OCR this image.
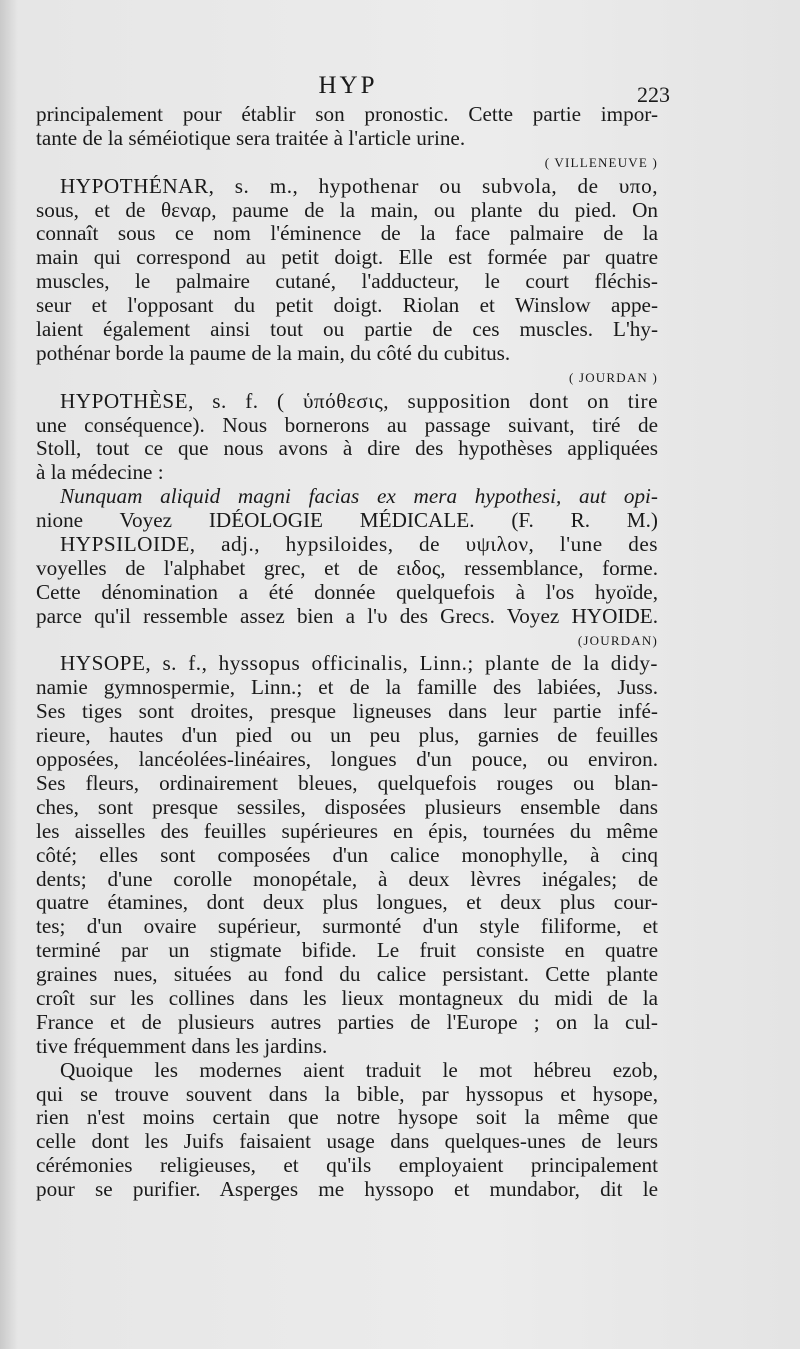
HYP	223
principalement pour établir son pronostic. Cette partie impor-
tante de la séméiotique sera traitée à l'article urine.
( VILLENEUVE )
HYPOTHÉNAR, s. m., hypothenar ou subvola, de υπο,
sous, et de θεναρ, paume de la main, ou plante du pied. On
connaît sous ce nom l'éminence de la face palmaire de la
main qui correspond au petit doigt. Elle est formée par quatre
muscles, le palmaire cutané, l'adducteur, le court fléchis-
seur et l'opposant du petit doigt. Riolan et Winslow appe-
laient également ainsi tout ou partie de ces muscles. L'hy-
pothénar borde la paume de la main, du côté du cubitus.
( JOURDAN )
HYPOTHÈSE, s. f. ( ὑπόθεσις, supposition dont on tire
une conséquence). Nous bornerons au passage suivant, tiré de
Stoll, tout ce que nous avons à dire des hypothèses appliquées
à la médecine :
Nunquam aliquid magni facias ex mera hypothesi, aut opi-
nione Voyez IDÉOLOGIE MÉDICALE. (F. R. M.)
HYPSILOIDE, adj., hypsiloides, de υψιλον, l'une des
voyelles de l'alphabet grec, et de ειδος, ressemblance, forme.
Cette dénomination a été donnée quelquefois à l'os hyoïde,
parce qu'il ressemble assez bien a l'υ des Grecs. Voyez HYOIDE.
(JOURDAN)
HYSOPE, s. f., hyssopus officinalis, Linn.; plante de la didy-
namie gymnospermie, Linn.; et de la famille des labiées, Juss.
Ses tiges sont droites, presque ligneuses dans leur partie infé-
rieure, hautes d'un pied ou un peu plus, garnies de feuilles
opposées, lancéolées-linéaires, longues d'un pouce, ou environ.
Ses fleurs, ordinairement bleues, quelquefois rouges ou blan-
ches, sont presque sessiles, disposées plusieurs ensemble dans
les aisselles des feuilles supérieures en épis, tournées du même
côté; elles sont composées d'un calice monophylle, à cinq
dents; d'une corolle monopétale, à deux lèvres inégales; de
quatre étamines, dont deux plus longues, et deux plus cour-
tes; d'un ovaire supérieur, surmonté d'un style filiforme, et
terminé par un stigmate bifide. Le fruit consiste en quatre
graines nues, situées au fond du calice persistant. Cette plante
croît sur les collines dans les lieux montagneux du midi de la
France et de plusieurs autres parties de l'Europe ; on la cul-
tive fréquemment dans les jardins.
Quoique les modernes aient traduit le mot hébreu ezob,
qui se trouve souvent dans la bible, par hyssopus et hysope,
rien n'est moins certain que notre hysope soit la même que
celle dont les Juifs faisaient usage dans quelques-unes de leurs
cérémonies religieuses, et qu'ils employaient principalement
pour se purifier. Asperges me hyssopo et mundabor, dit le
